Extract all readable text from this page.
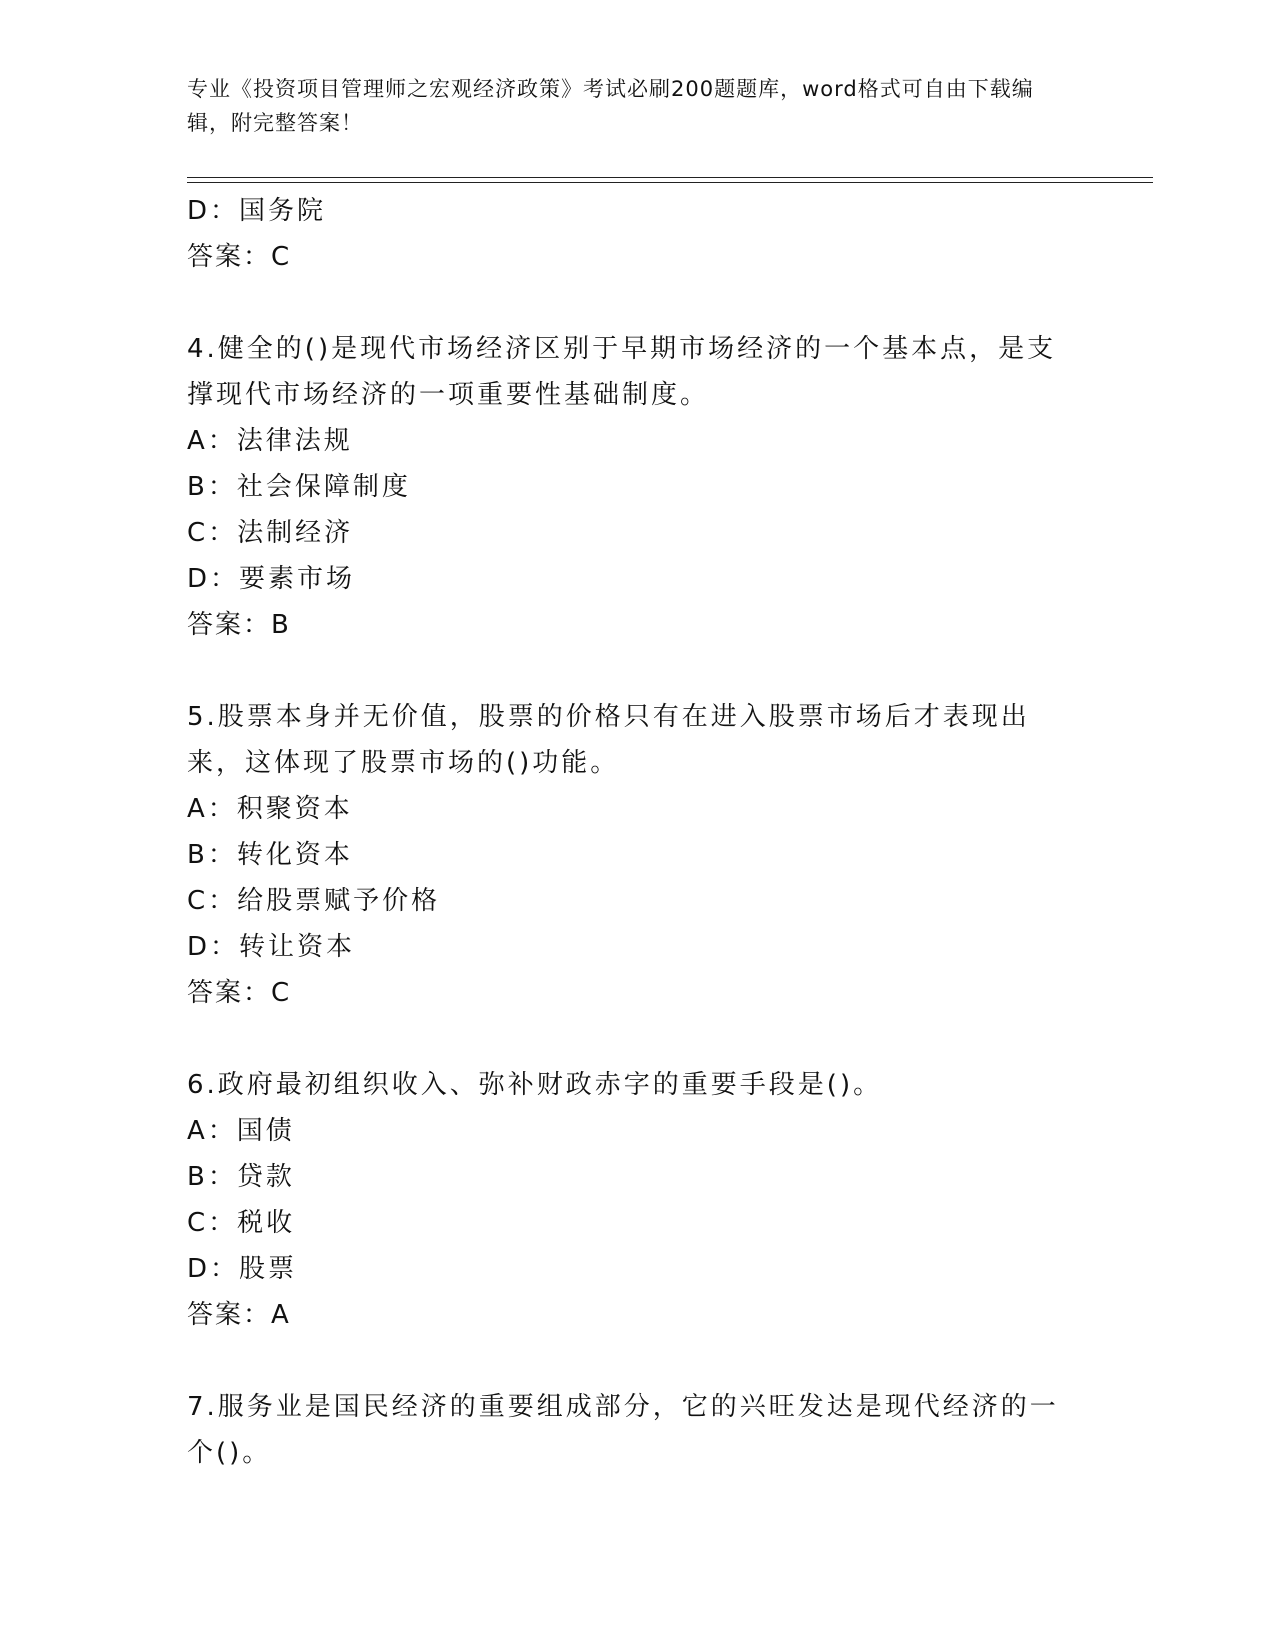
专业《投资项目管理师之宏观经济政策》考试必刷200题题库，word格式可自由下载编辑，附完整答案！
D：国务院
答案：C
4.健全的()是现代市场经济区别于早期市场经济的一个基本点，是支撑现代市场经济的一项重要性基础制度。
A：法律法规
B：社会保障制度
C：法制经济
D：要素市场
答案：B
5.股票本身并无价值，股票的价格只有在进入股票市场后才表现出来，这体现了股票市场的()功能。
A：积聚资本
B：转化资本
C：给股票赋予价格
D：转让资本
答案：C
6.政府最初组织收入、弥补财政赤字的重要手段是()。
A：国债
B：贷款
C：税收
D：股票
答案：A
7.服务业是国民经济的重要组成部分，它的兴旺发达是现代经济的一个()。
